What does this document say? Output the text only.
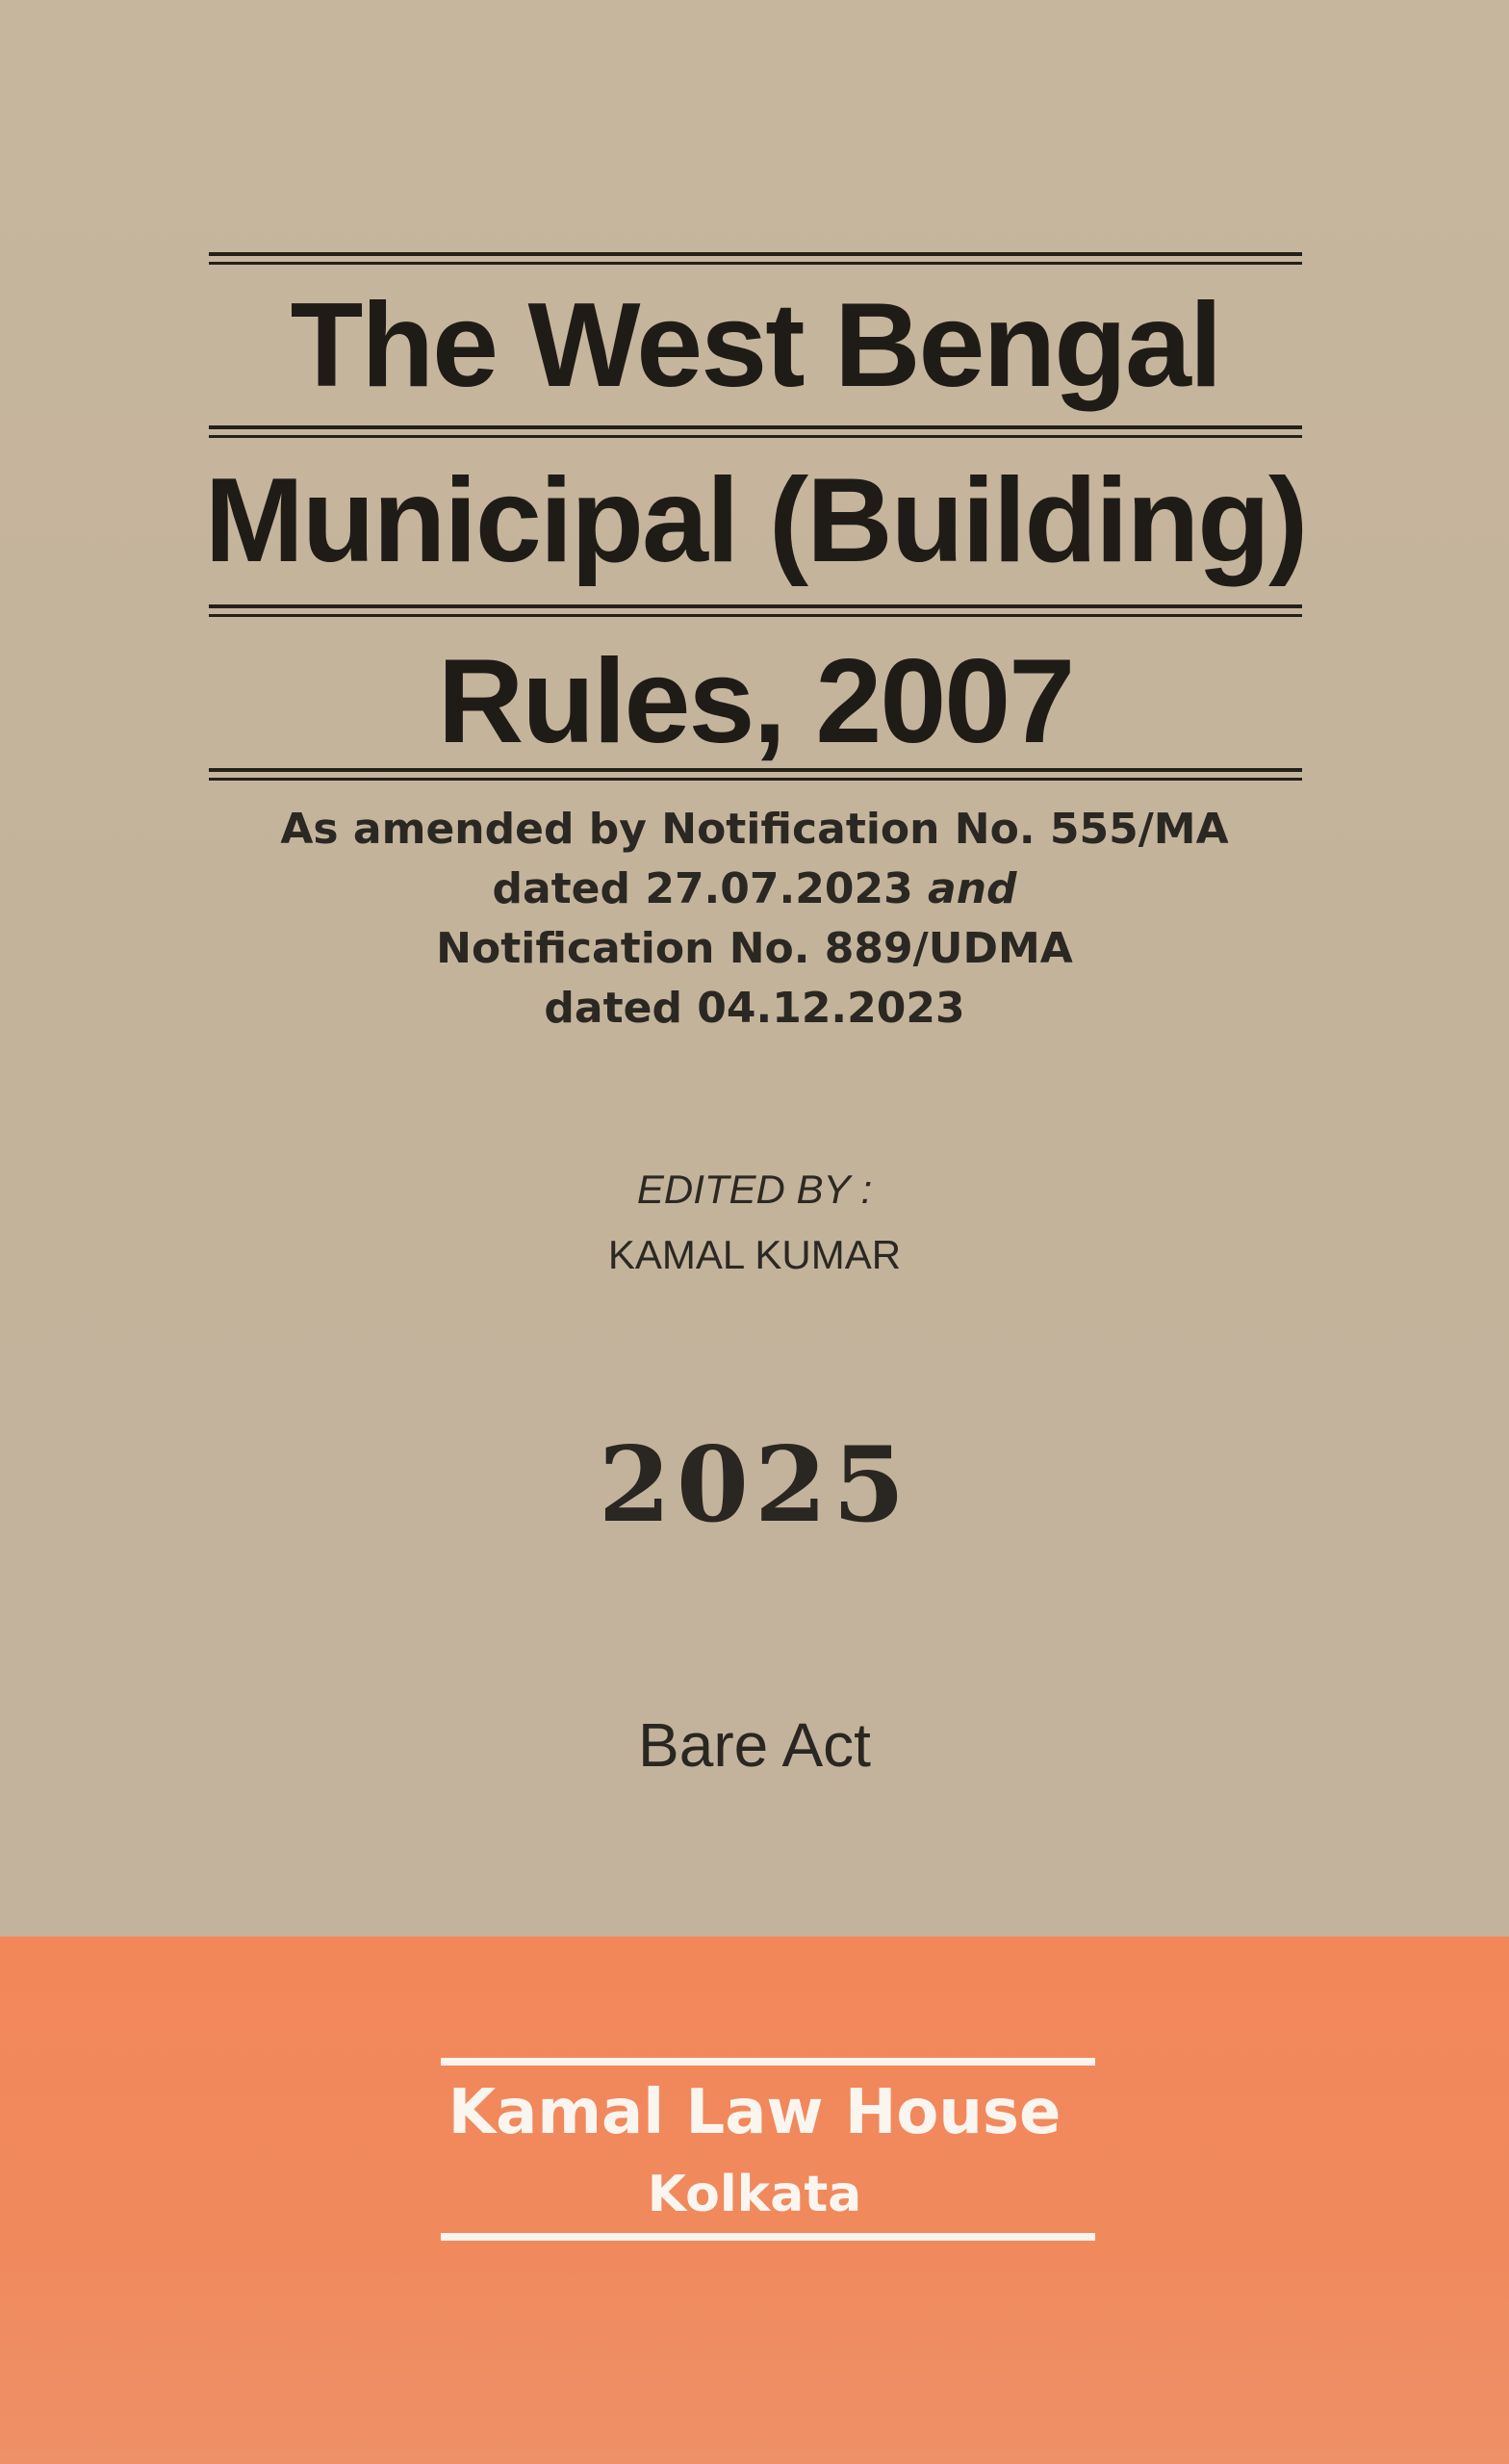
The West Bengal
Municipal (Building)
Rules, 2007
As amended by Notification No. 555/MA
dated 27.07.2023 and
Notification No. 889/UDMA
dated 04.12.2023
EDITED BY :
KAMAL KUMAR
2025
Bare Act
Kamal Law House
Kolkata
